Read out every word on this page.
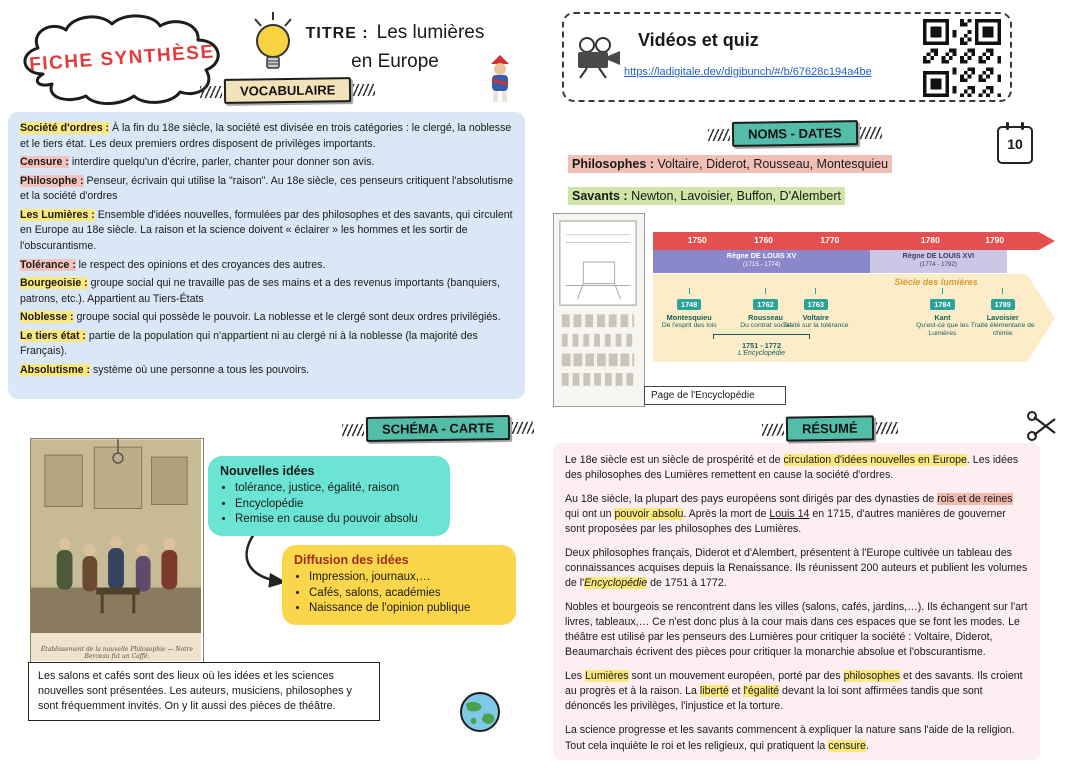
FICHE SYNTHÈSE
TITRE : Les lumières
en Europe
VOCABULAIRE

Société d'ordres : À la fin du 18e siècle, la société est divisée en trois catégories : le clergé, la noblesse et le tiers état. Les deux premiers ordres disposent de privilèges importants.

Censure : interdire quelqu'un d'écrire, parler, chanter pour donner son avis.

Philosophe : Penseur, écrivain qui utilise la "raison". Au 18e siècle, ces penseurs critiquent l'absolutisme et la société d'ordres

Les Lumières : Ensemble d'idées nouvelles, formulées par des philosophes et des savants, qui circulent en Europe au 18e siècle. La raison et la science doivent « éclairer » les hommes et les sortir de l'obscurantisme.

Tolérance : le respect des opinions et des croyances des autres.

Bourgeoisie : groupe social qui ne travaille pas de ses mains et a des revenus importants (banquiers, patrons, etc.). Appartient au Tiers-États

Noblesse : groupe social qui possède le pouvoir. La noblesse et le clergé sont deux ordres privilégiés.

Le tiers état : partie de la population qui n'appartient ni au clergé ni à la noblesse (la majorité des Français).

Absolutisme : système où une personne a tous les pouvoirs.

SCHÉMA - CARTE
Établissement de la nouvelle Philosophie — Notre Berceau fut un Caffé.
Nouvelles idées
• tolérance, justice, égalité, raison
• Encyclopédie
• Remise en cause du pouvoir absolu
Diffusion des idées
• Impression, journaux,…
• Cafés, salons, académies
• Naissance de l'opinion publique
Les salons et cafés sont des lieux où les idées et les sciences nouvelles sont présentées. Les auteurs, musiciens, philosophes y sont fréquemment invités. On y lit aussi des pièces de théâtre.
Vidéos et quiz
https://ladigitale.dev/digibunch/#/b/67628c194a4be
NOMS - DATES
10
Philosophes : Voltaire, Diderot, Rousseau, Montesquieu
Savants : Newton, Lavoisier, Buffon, D'Alembert
Page de l'Encyclopédie
1750	1760	1770	1780	1790
Règne DE LOUIS XV
(1715 - 1774)
Règne DE LOUIS XVI
(1774 - 1792)
Siècle des lumières
1748
Montesquieu
De l'esprit des lois
1762
Rousseau
Du contrat social
1763
Voltaire
Traité sur la tolérance
1784
Kant
Qu'est-ce que les Lumières
1789
Lavoisier
Traité élémentaire de chimie
1751 - 1772
L'Encyclopédie
RÉSUMÉ

Le 18e siècle est un siècle de prospérité et de circulation d'idées nouvelles en Europe. Les idées des philosophes des Lumières remettent en cause la société d'ordres.

Au 18e siècle, la plupart des pays européens sont dirigés par des dynasties de rois et de reines qui ont un pouvoir absolu. Après la mort de Louis 14 en 1715, d'autres manières de gouverner sont proposées par les philosophes des Lumières.

Deux philosophes français, Diderot et d'Alembert, présentent à l'Europe cultivée un tableau des connaissances acquises depuis la Renaissance. Ils réunissent 200 auteurs et publient les volumes de l'Encyclopédie de 1751 à 1772.

Nobles et bourgeois se rencontrent dans les villes (salons, cafés, jardins,…). Ils échangent sur l'art livres, tableaux,… Ce n'est donc plus à la cour mais dans ces espaces que se font les modes. Le théâtre est utilisé par les penseurs des Lumières pour critiquer la société : Voltaire, Diderot, Beaumarchais écrivent des pièces pour critiquer la monarchie absolue et l'obscurantisme.

Les Lumières sont un mouvement européen, porté par des philosophes et des savants. Ils croient au progrès et à la raison. La liberté et l'égalité devant la loi sont affirmées tandis que sont dénoncés les privilèges, l'injustice et la torture.

La science progresse et les savants commencent à expliquer la nature sans l'aide de la religion. Tout cela inquiète le roi et les religieux, qui pratiquent la censure.
